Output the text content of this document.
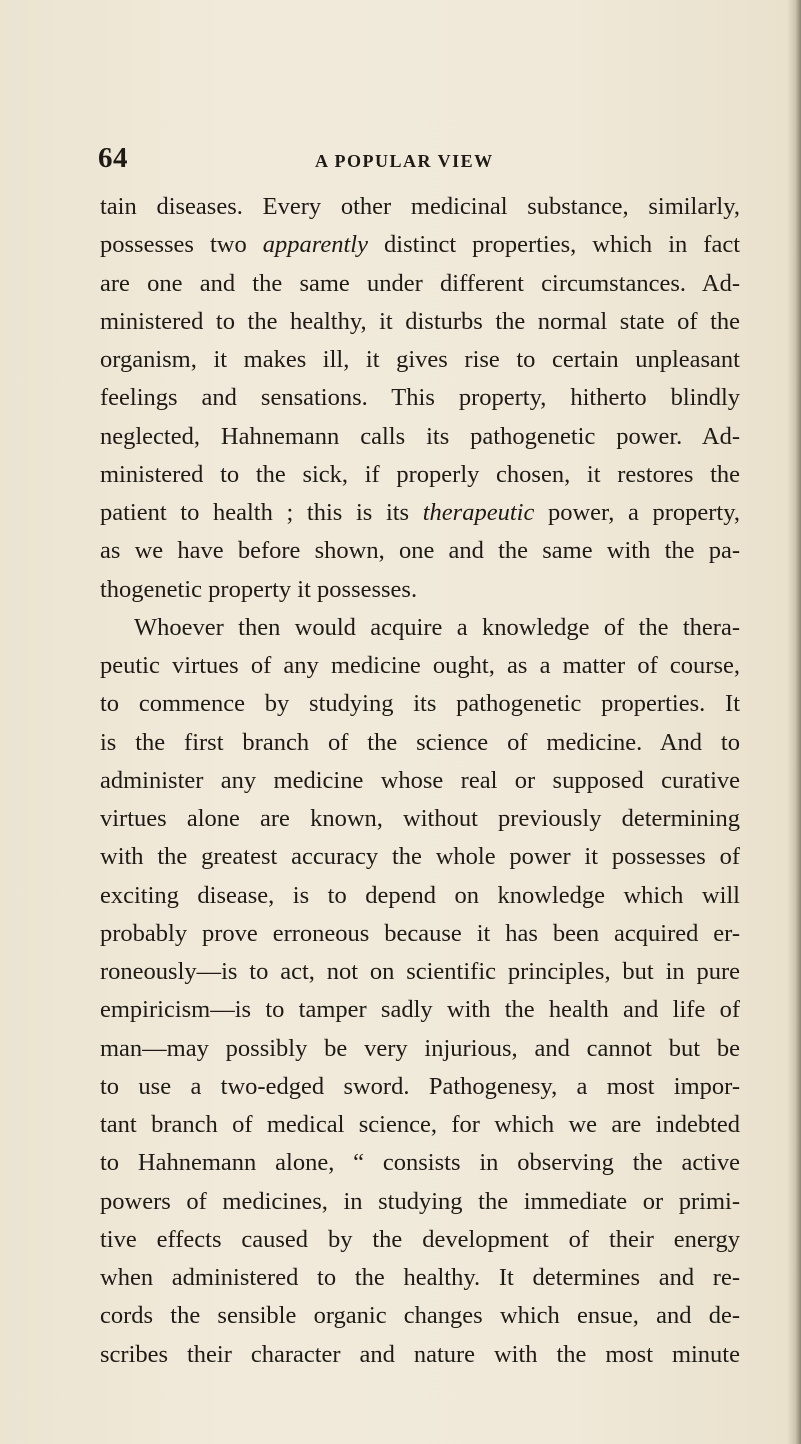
64	A POPULAR VIEW
tain diseases. Every other medicinal substance, similarly,
possesses two apparently distinct properties, which in fact
are one and the same under different circumstances. Ad-
ministered to the healthy, it disturbs the normal state of the
organism, it makes ill, it gives rise to certain unpleasant
feelings and sensations. This property, hitherto blindly
neglected, Hahnemann calls its pathogenetic power. Ad-
ministered to the sick, if properly chosen, it restores the
patient to health ; this is its therapeutic power, a property,
as we have before shown, one and the same with the pa-
thogenetic property it possesses.
Whoever then would acquire a knowledge of the thera-
peutic virtues of any medicine ought, as a matter of course,
to commence by studying its pathogenetic properties. It
is the first branch of the science of medicine. And to
administer any medicine whose real or supposed curative
virtues alone are known, without previously determining
with the greatest accuracy the whole power it possesses of
exciting disease, is to depend on knowledge which will
probably prove erroneous because it has been acquired er-
roneously—is to act, not on scientific principles, but in pure
empiricism—is to tamper sadly with the health and life of
man—may possibly be very injurious, and cannot but be
to use a two-edged sword. Pathogenesy, a most impor-
tant branch of medical science, for which we are indebted
to Hahnemann alone, “ consists in observing the active
powers of medicines, in studying the immediate or primi-
tive effects caused by the development of their energy
when administered to the healthy. It determines and re-
cords the sensible organic changes which ensue, and de-
scribes their character and nature with the most minute
